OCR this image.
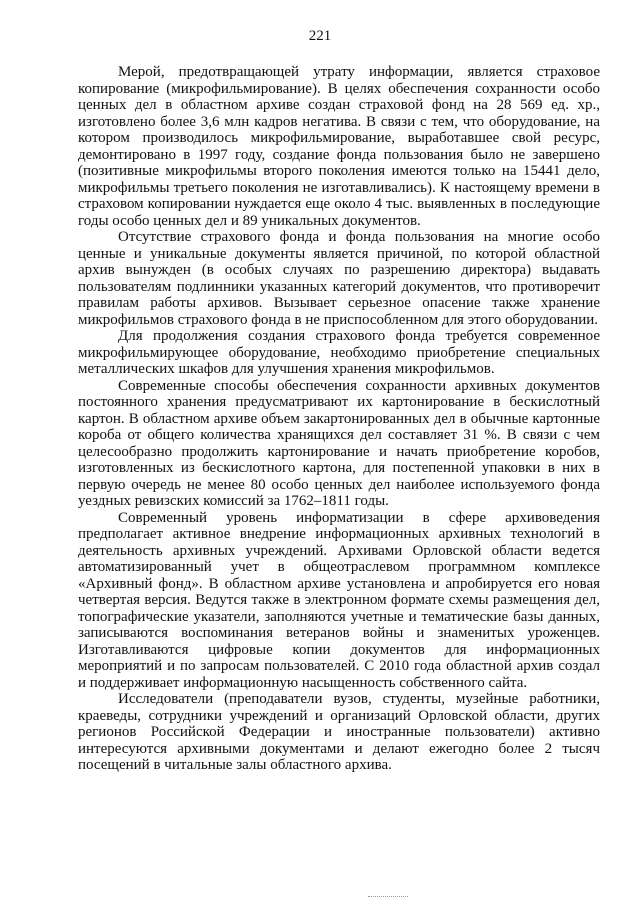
221

Мерой, предотвращающей утрату информации, является страховое копирование (микрофильмирование). В целях обеспечения сохранности особо ценных дел в областном архиве создан страховой фонд на 28 569 ед. хр., изготовлено более 3,6 млн кадров негатива. В связи с тем, что оборудование, на котором производилось микрофильмирование, выработавшее свой ресурс, демонтировано в 1997 году, создание фонда пользования было не завершено (позитивные микрофильмы второго поколения имеются только на 15441 дело, микрофильмы третьего поколения не изготавливались). К настоящему времени в страховом копировании нуждается еще около 4 тыс. выявленных в последующие годы особо ценных дел и 89 уникальных документов.

Отсутствие страхового фонда и фонда пользования на многие особо ценные и уникальные документы является причиной, по которой областной архив вынужден (в особых случаях по разрешению директора) выдавать пользователям подлинники указанных категорий документов, что противоречит правилам работы архивов. Вызывает серьезное опасение также хранение микрофильмов страхового фонда в не приспособленном для этого оборудовании.

Для продолжения создания страхового фонда требуется современное микрофильмирующее оборудование, необходимо приобретение специальных металлических шкафов для улучшения хранения микрофильмов.

Современные способы обеспечения сохранности архивных документов постоянного хранения предусматривают их картонирование в бескислотный картон. В областном архиве объем закартонированных дел в обычные картонные короба от общего количества хранящихся дел составляет 31 %. В связи с чем целесообразно продолжить картонирование и начать приобретение коробов, изготовленных из бескислотного картона, для постепенной упаковки в них в первую очередь не менее 80 особо ценных дел наиболее используемого фонда уездных ревизских комиссий за 1762–1811 годы.

Современный уровень информатизации в сфере архивоведения предполагает активное внедрение информационных архивных технологий в деятельность архивных учреждений. Архивами Орловской области ведется автоматизированный учет в общеотраслевом программном комплексе «Архивный фонд». В областном архиве установлена и апробируется его новая четвертая версия. Ведутся также в электронном формате схемы размещения дел, топографические указатели, заполняются учетные и тематические базы данных, записываются воспоминания ветеранов войны и знаменитых уроженцев. Изготавливаются цифровые копии документов для информационных мероприятий и по запросам пользователей. С 2010 года областной архив создал и поддерживает информационную насыщенность собственного сайта.

Исследователи (преподаватели вузов, студенты, музейные работники, краеведы, сотрудники учреждений и организаций Орловской области, других регионов Российской Федерации и иностранные пользователи) активно интересуются архивными документами и делают ежегодно более 2 тысяч посещений в читальные залы областного архива.
